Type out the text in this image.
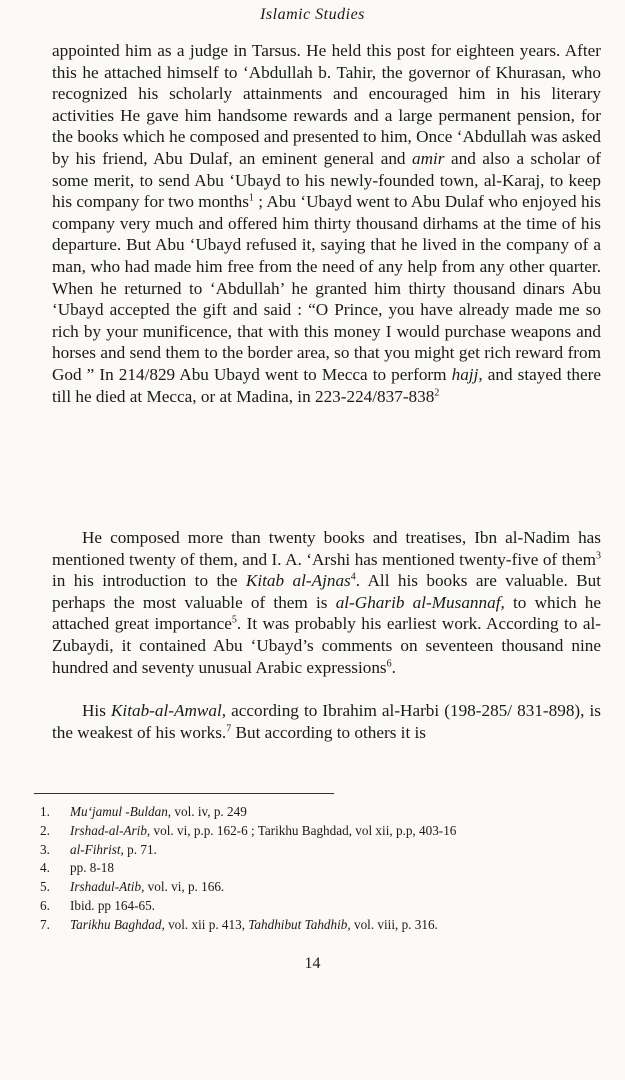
Islamic Studies

appointed him as a judge in Tarsus. He held this post for eighteen years. After this he attached himself to ‘Abdullah b. Tahir, the governor of Khurasan, who recognized his scholarly attainments and encouraged him in his literary activities He gave him handsome rewards and a large permanent pension, for the books which he composed and presented to him, Once ‘Abdullah was asked by his friend, Abu Dulaf, an eminent general and amir and also a scholar of some merit, to send Abu ‘Ubayd to his newly-founded town, al-Karaj, to keep his company for two months$^1$ ; Abu ‘Ubayd went to Abu Dulaf who enjoyed his company very much and offered him thirty thousand dirhams at the time of his departure. But Abu ‘Ubayd refused it, saying that he lived in the company of a man, who had made him free from the need of any help from any other quarter. When he returned to ‘Abdullah’ he granted him thirty thousand dinars Abu ‘Ubayd accepted the gift and said : “O Prince, you have already made me so rich by your munificence, that with this money I would purchase weapons and horses and send them to the border area, so that you might get rich reward from God ” In 214/829 Abu Ubayd went to Mecca to perform hajj, and stayed there till he died at Mecca, or at Madina, in $223-224/837-838^2$

He composed more than twenty books and treatises, Ibn al-Nadim has mentioned twenty of them, and I. A. ‘Arshi has mentioned twenty-five of them$^3$ in his introduction to the Kitab al-Ajnas$^4$. All his books are valuable. But perhaps the most valuable of them is al-Gharib al-Musannaf, to which he attached great importance$^5$. It was probably his earliest work. According to al-Zubaydi, it contained Abu ‘Ubayd’s comments on seventeen thousand nine hundred and seventy unusual Arabic expressions$^6$.

His Kitab-al-Amwal, according to Ibrahim al-Harbi (198-285/ 831-898), is the weakest of his works.$^7$ But according to others it is

1.	Mu‘jamul -Buldan, vol. iv, p. 249
2.	Irshad-al-Arib, vol. vi, p.p. 162-6 ; Tarikhu Baghdad, vol xii, p.p, 403-16
3.	al-Fihrist, p. 71.
4.	pp. 8-18
5.	Irshadul-Atib, vol. vi, p. 166.
6.	Ibid. pp 164-65.
7.	Tarikhu Baghdad, vol. xii p. 413, Tahdhibut Tahdhib, vol. viii, p. 316.
14
